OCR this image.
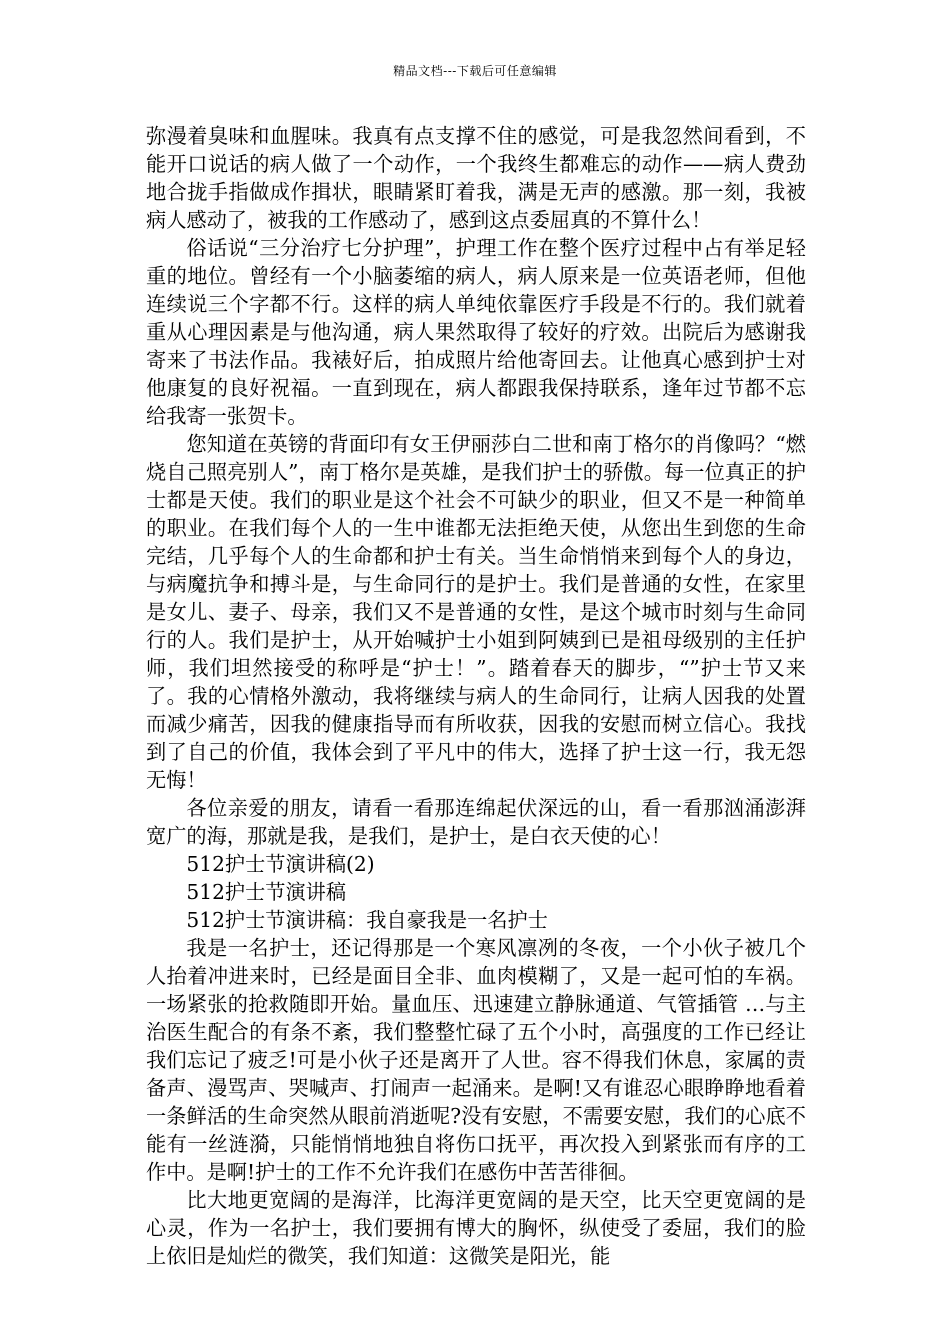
精品文档---下载后可任意编辑

弥漫着臭味和血腥味。我真有点支撑不住的感觉，可是我忽然间看到，不能开口说话的病人做了一个动作，一个我终生都难忘的动作——病人费劲地合拢手指做成作揖状，眼睛紧盯着我，满是无声的感激。那一刻，我被病人感动了，被我的工作感动了，感到这点委屈真的不算什么！

俗话说“三分治疗七分护理”，护理工作在整个医疗过程中占有举足轻重的地位。曾经有一个小脑萎缩的病人，病人原来是一位英语老师，但他连续说三个字都不行。这样的病人单纯依靠医疗手段是不行的。我们就着重从心理因素是与他沟通，病人果然取得了较好的疗效。出院后为感谢我寄来了书法作品。我裱好后，拍成照片给他寄回去。让他真心感到护士对他康复的良好祝福。一直到现在，病人都跟我保持联系，逢年过节都不忘给我寄一张贺卡。

您知道在英镑的背面印有女王伊丽莎白二世和南丁格尔的肖像吗？“燃烧自己照亮别人”，南丁格尔是英雄，是我们护士的骄傲。每一位真正的护士都是天使。我们的职业是这个社会不可缺少的职业，但又不是一种简单的职业。在我们每个人的一生中谁都无法拒绝天使，从您出生到您的生命完结，几乎每个人的生命都和护士有关。当生命悄悄来到每个人的身边，与病魔抗争和搏斗是，与生命同行的是护士。我们是普通的女性，在家里是女儿、妻子、母亲，我们又不是普通的女性，是这个城市时刻与生命同行的人。我们是护士，从开始喊护士小姐到阿姨到已是祖母级别的主任护师，我们坦然接受的称呼是“护士！”。踏着春天的脚步，“”护士节又来了。我的心情格外激动，我将继续与病人的生命同行，让病人因我的处置而减少痛苦，因我的健康指导而有所收获，因我的安慰而树立信心。我找到了自己的价值，我体会到了平凡中的伟大，选择了护士这一行，我无怨无悔！

各位亲爱的朋友，请看一看那连绵起伏深远的山，看一看那汹涌澎湃宽广的海，那就是我，是我们，是护士，是白衣天使的心！

512护士节演讲稿(2)

512护士节演讲稿

512护士节演讲稿：我自豪我是一名护士

我是一名护士，还记得那是一个寒风凛冽的冬夜，一个小伙子被几个人抬着冲进来时，已经是面目全非、血肉模糊了，又是一起可怕的车祸。一场紧张的抢救随即开始。量血压、迅速建立静脉通道、气管插管 …与主治医生配合的有条不紊，我们整整忙碌了五个小时，高强度的工作已经让我们忘记了疲乏!可是小伙子还是离开了人世。容不得我们休息，家属的责备声、漫骂声、哭喊声、打闹声一起涌来。是啊!又有谁忍心眼睁睁地看着一条鲜活的生命突然从眼前消逝呢?没有安慰，不需要安慰，我们的心底不能有一丝涟漪，只能悄悄地独自将伤口抚平，再次投入到紧张而有序的工作中。是啊!护士的工作不允许我们在感伤中苦苦徘徊。

比大地更宽阔的是海洋，比海洋更宽阔的是天空，比天空更宽阔的是心灵，作为一名护士，我们要拥有博大的胸怀，纵使受了委屈，我们的脸上依旧是灿烂的微笑，我们知道：这微笑是阳光，能
